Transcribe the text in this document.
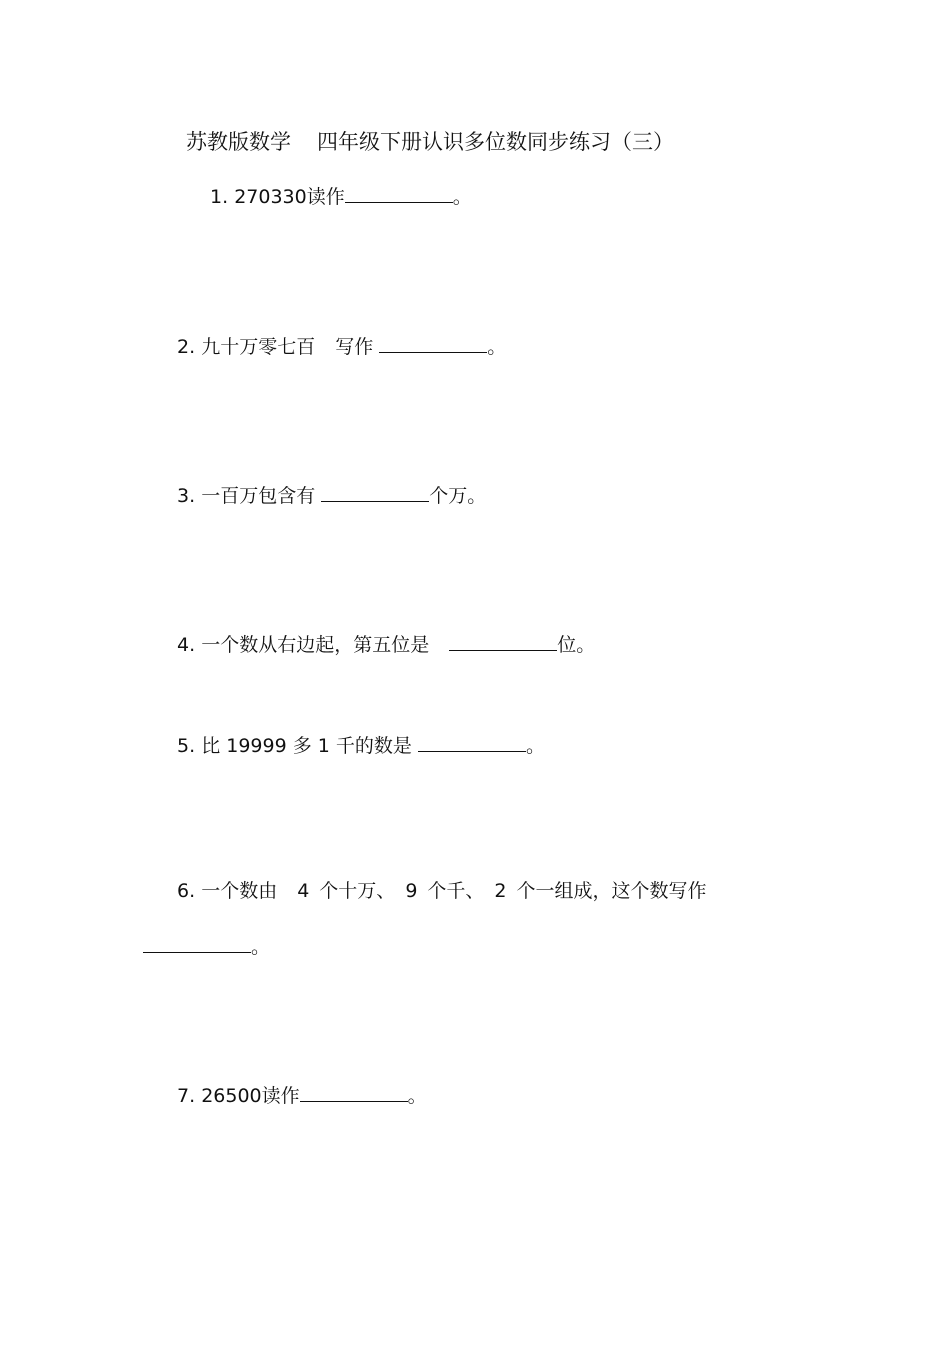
苏教版数学 四年级下册认识多位数同步练习（三）
1. 270330读作	。
2. 九十万零七百 写作	。
3. 一百万包含有	个万。
4. 一个数从右边起，第五位是	位。
5. 比 19999 多 1 千的数是	。
6. 一个数由 4 个十万、 9 个千、 2 个一组成，这个数写作
。
7. 26500读作	。
